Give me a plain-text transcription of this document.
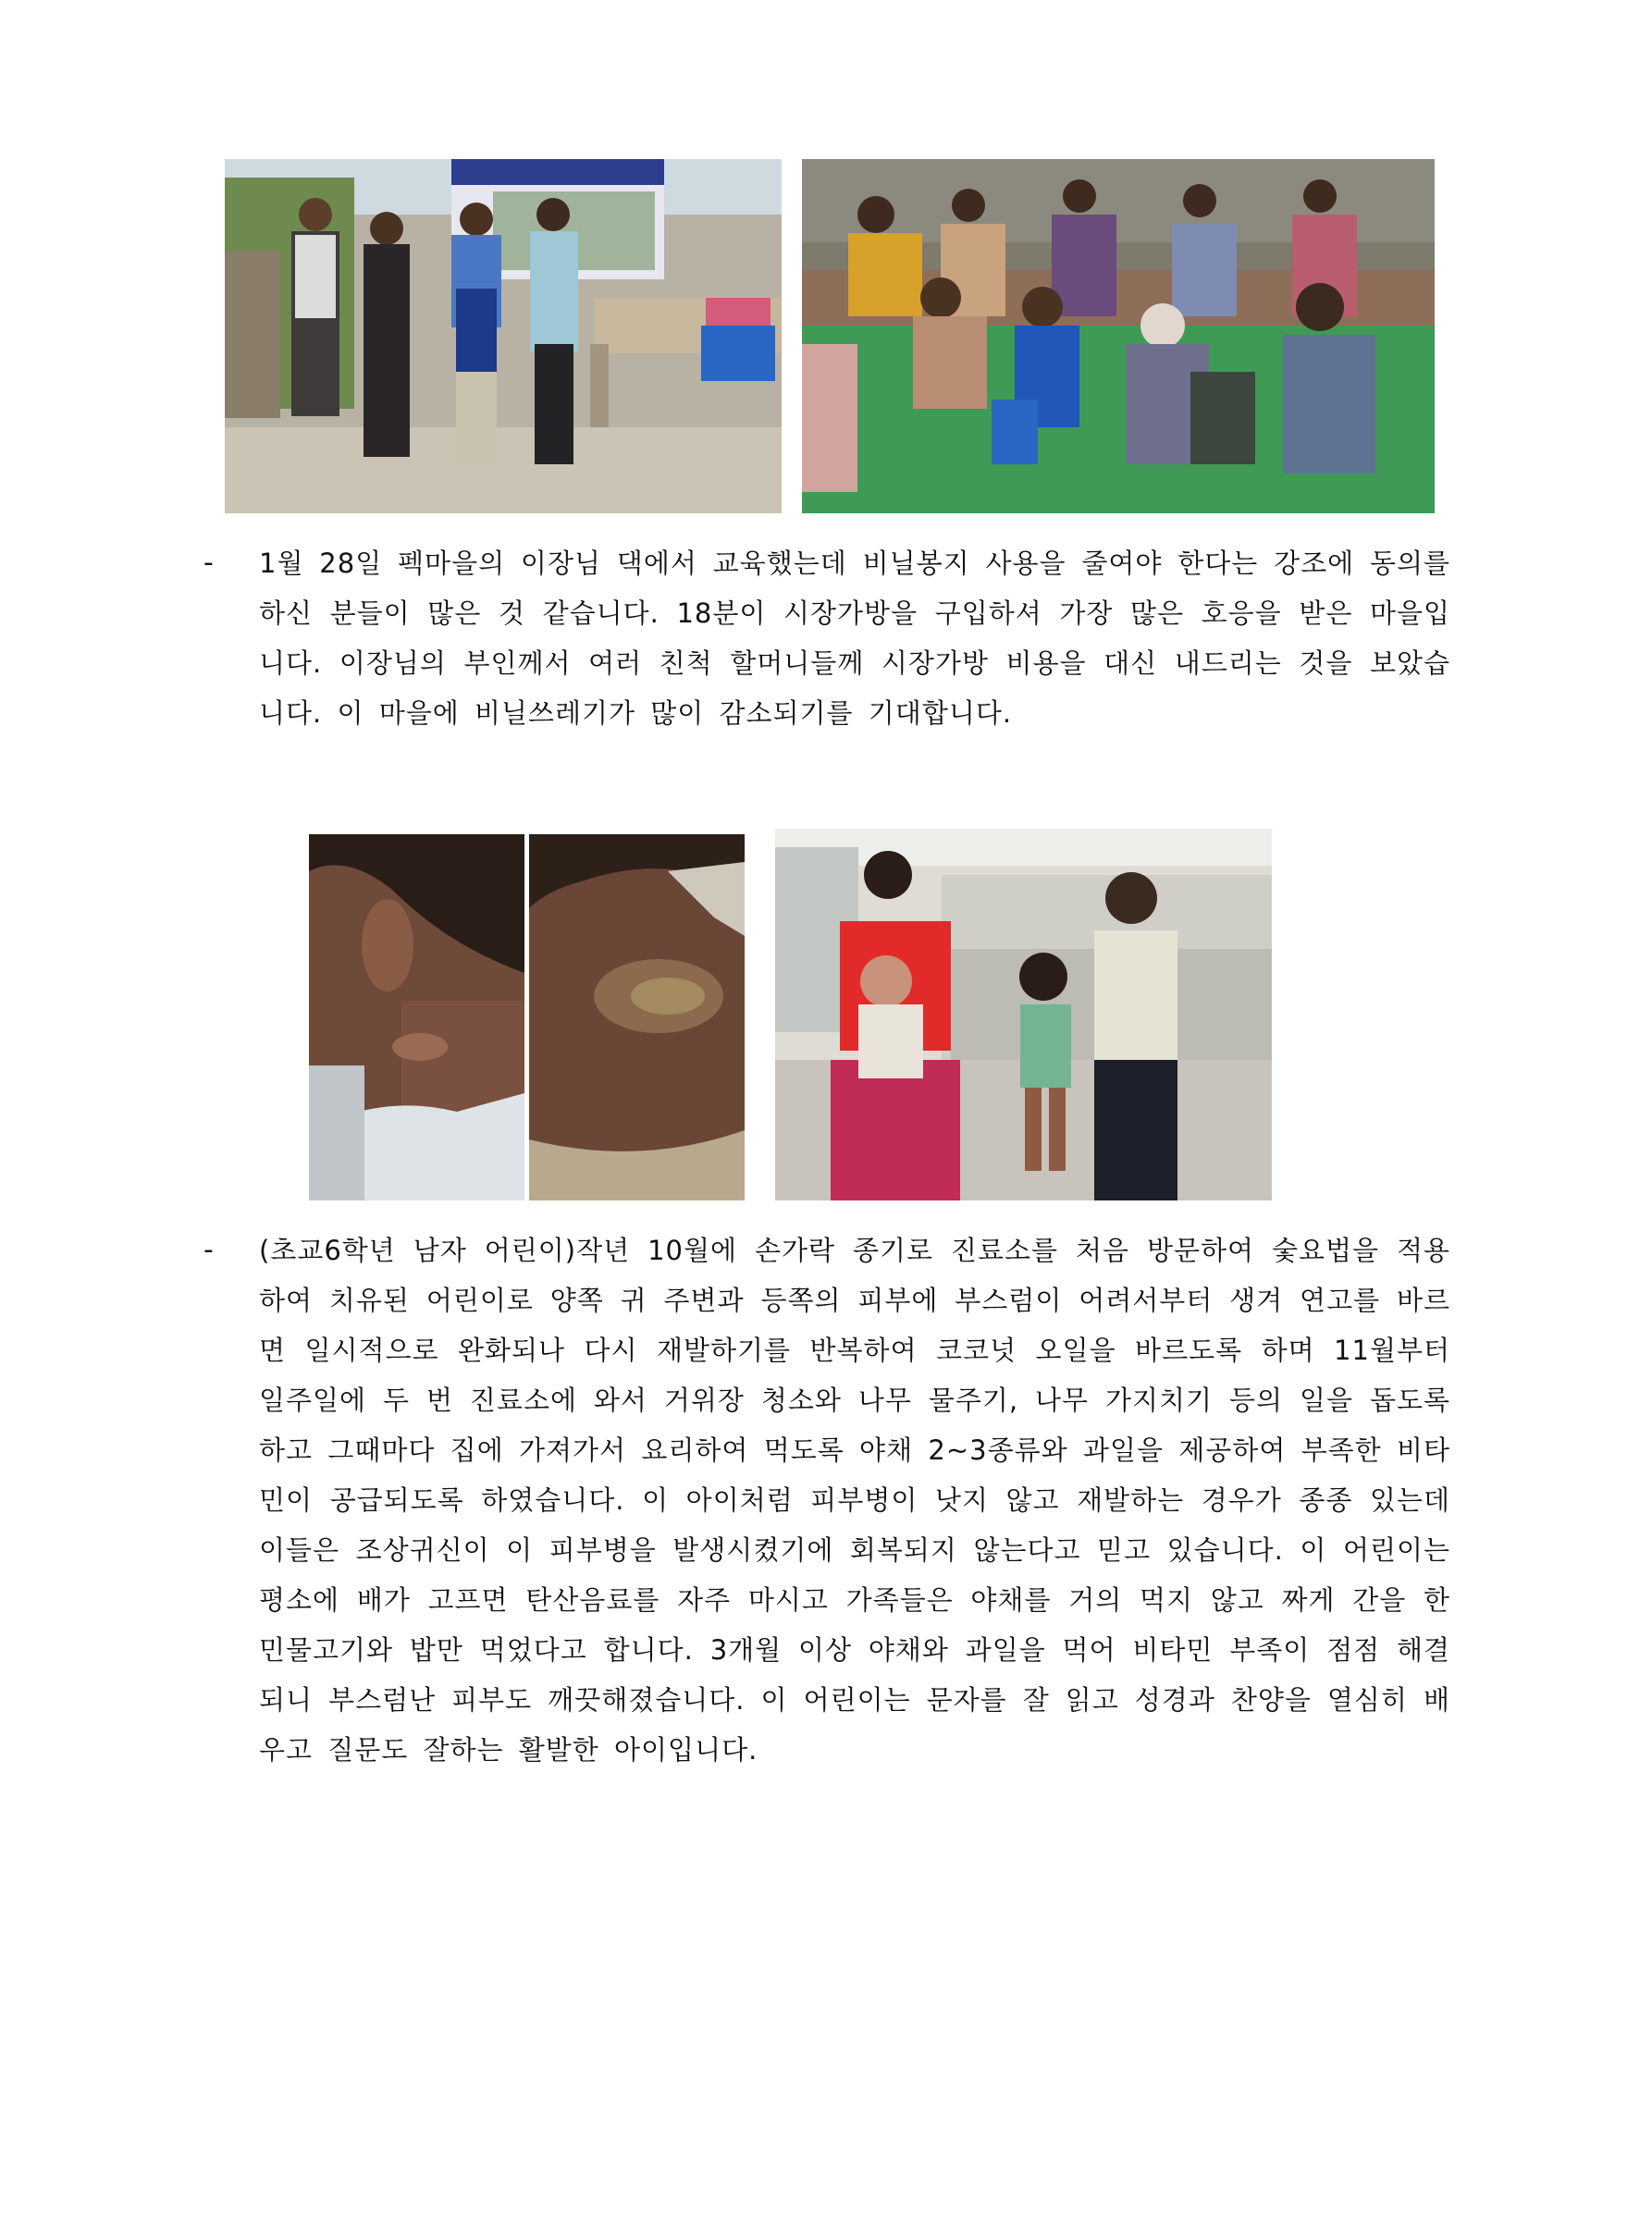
- 1월 28일 펙마을의 이장님 댁에서 교육했는데 비닐봉지 사용을 줄여야 한다는 강조에 동의를 하신 분들이 많은 것 같습니다. 18분이 시장가방을 구입하셔 가장 많은 호응을 받은 마을입니다. 이장님의 부인께서 여러 친척 할머니들께 시장가방 비용을 대신 내드리는 것을 보았습니다. 이 마을에 비닐쓰레기가 많이 감소되기를 기대합니다.

- (초교6학년 남자 어린이)작년 10월에 손가락 종기로 진료소를 처음 방문하여 숯요법을 적용하여 치유된 어린이로 양쪽 귀 주변과 등쪽의 피부에 부스럼이 어려서부터 생겨 연고를 바르면 일시적으로 완화되나 다시 재발하기를 반복하여 코코넛 오일을 바르도록 하며 11월부터 일주일에 두 번 진료소에 와서 거위장 청소와 나무 물주기, 나무 가지치기 등의 일을 돕도록 하고 그때마다 집에 가져가서 요리하여 먹도록 야채 2~3종류와 과일을 제공하여 부족한 비타민이 공급되도록 하였습니다. 이 아이처럼 피부병이 낫지 않고 재발하는 경우가 종종 있는데 이들은 조상귀신이 이 피부병을 발생시켰기에 회복되지 않는다고 믿고 있습니다. 이 어린이는 평소에 배가 고프면 탄산음료를 자주 마시고 가족들은 야채를 거의 먹지 않고 짜게 간을 한 민물고기와 밥만 먹었다고 합니다. 3개월 이상 야채와 과일을 먹어 비타민 부족이 점점 해결되니 부스럼난 피부도 깨끗해졌습니다. 이 어린이는 문자를 잘 읽고 성경과 찬양을 열심히 배우고 질문도 잘하는 활발한 아이입니다.
